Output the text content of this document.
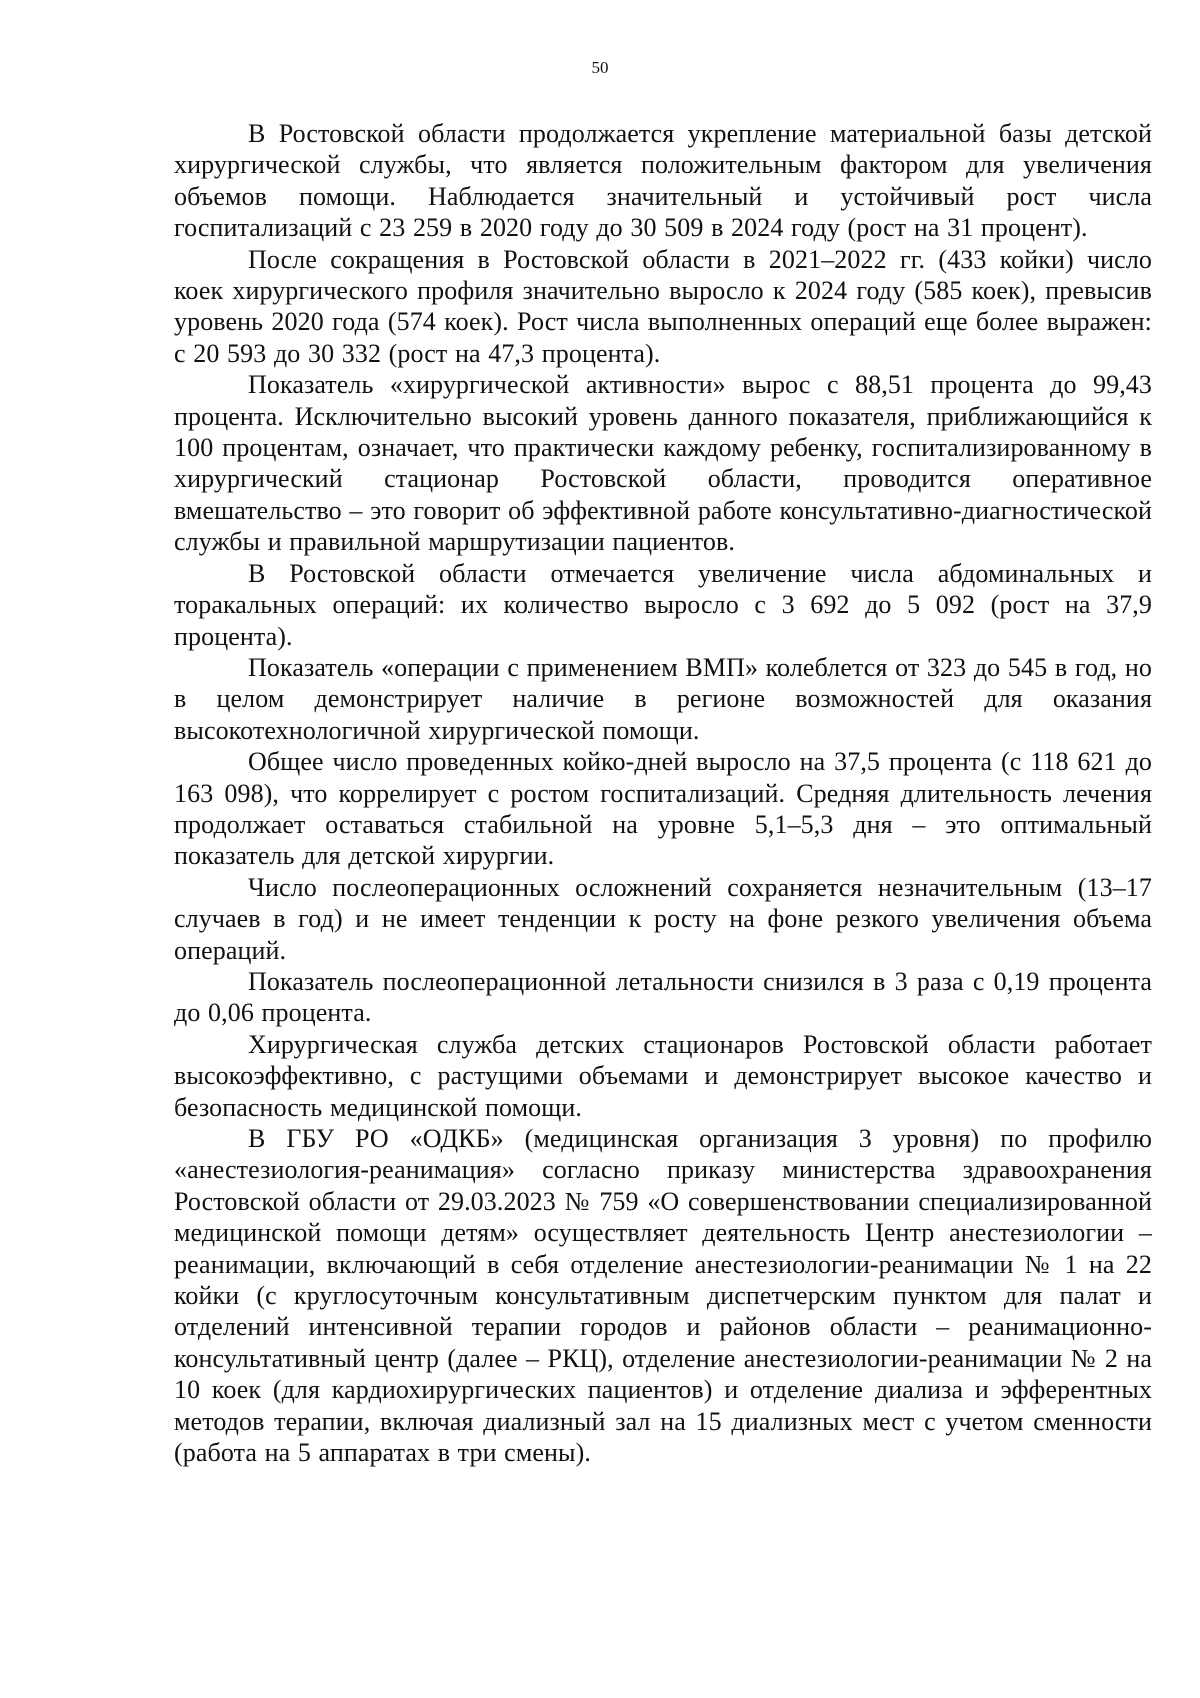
50

В Ростовской области продолжается укрепление материальной базы детской хирургической службы, что является положительным фактором для увеличения объемов помощи. Наблюдается значительный и устойчивый рост числа госпитализаций с 23 259 в 2020 году до 30 509 в 2024 году (рост на 31 процент).

После сокращения в Ростовской области в 2021–2022 гг. (433 койки) число коек хирургического профиля значительно выросло к 2024 году (585 коек), превысив уровень 2020 года (574 коек). Рост числа выполненных операций еще более выражен: с 20 593 до 30 332 (рост на 47,3 процента).

Показатель «хирургической активности» вырос с 88,51 процента до 99,43 процента. Исключительно высокий уровень данного показателя, приближающийся к 100 процентам, означает, что практически каждому ребенку, госпитализированному в хирургический стационар Ростовской области, проводится оперативное вмешательство – это говорит об эффективной работе консультативно-диагностической службы и правильной маршрутизации пациентов.

В Ростовской области отмечается увеличение числа абдоминальных и торакальных операций: их количество выросло с 3 692 до 5 092 (рост на 37,9 процента).

Показатель «операции с применением ВМП» колеблется от 323 до 545 в год, но в целом демонстрирует наличие в регионе возможностей для оказания высокотехнологичной хирургической помощи.

Общее число проведенных койко-дней выросло на 37,5 процента (с 118 621 до 163 098), что коррелирует с ростом госпитализаций. Средняя длительность лечения продолжает оставаться стабильной на уровне 5,1–5,3 дня – это оптимальный показатель для детской хирургии.

Число послеоперационных осложнений сохраняется незначительным (13–17 случаев в год) и не имеет тенденции к росту на фоне резкого увеличения объема операций.

Показатель послеоперационной летальности снизился в 3 раза с 0,19 процента до 0,06 процента.

Хирургическая служба детских стационаров Ростовской области работает высокоэффективно, с растущими объемами и демонстрирует высокое качество и безопасность медицинской помощи.

В ГБУ РО «ОДКБ» (медицинская организация 3 уровня) по профилю «анестезиология-реанимация» согласно приказу министерства здравоохранения Ростовской области от 29.03.2023 № 759 «О совершенствовании специализированной медицинской помощи детям» осуществляет деятельность Центр анестезиологии – реанимации, включающий в себя отделение анестезиологии-реанимации № 1 на 22 койки (с круглосуточным консультативным диспетчерским пунктом для палат и отделений интенсивной терапии городов и районов области – реанимационно-консультативный центр (далее – РКЦ), отделение анестезиологии-реанимации № 2 на 10 коек (для кардиохирургических пациентов) и отделение диализа и эфферентных методов терапии, включая диализный зал на 15 диализных мест с учетом сменности (работа на 5 аппаратах в три смены).
